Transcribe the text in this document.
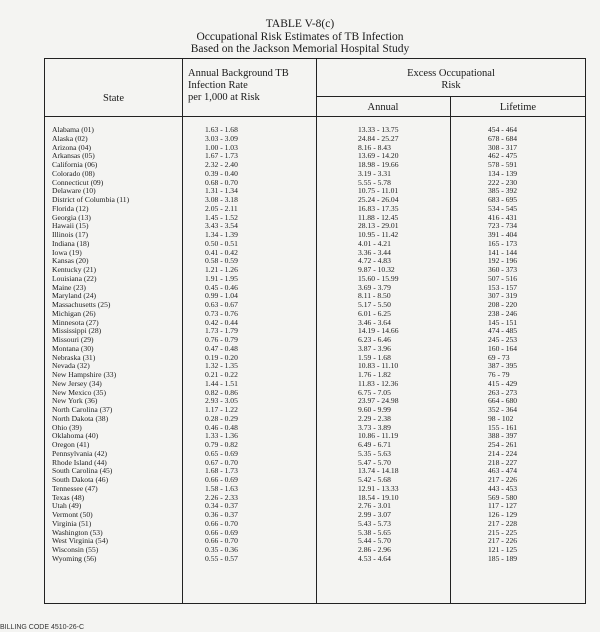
TABLE V-8(c)
Occupational Risk Estimates of TB Infection
Based on the Jackson Memorial Hospital Study
State
Annual Background TB
Infection Rate
per 1,000 at Risk
Excess Occupational
Risk
Annual	Lifetime
Alabama (01)	1.63 - 1.68	13.33 - 13.75	454 - 464
Alaska (02)	3.03 - 3.09	24.84 - 25.27	678 - 684
Arizona (04)	1.00 - 1.03	8.16 - 8.43	308 - 317
Arkansas (05)	1.67 - 1.73	13.69 - 14.20	462 - 475
California (06)	2.32 - 2.40	18.98 - 19.66	578 - 591
Colorado (08)	0.39 - 0.40	3.19 - 3.31	134 - 139
Connecticut (09)	0.68 - 0.70	5.55 - 5.78	222 - 230
Delaware (10)	1.31 - 1.34	10.75 - 11.01	385 - 392
District of Columbia (11)	3.08 - 3.18	25.24 - 26.04	683 - 695
Florida (12)	2.05 - 2.11	16.83 - 17.35	534 - 545
Georgia (13)	1.45 - 1.52	11.88 - 12.45	416 - 431
Hawaii (15)	3.43 - 3.54	28.13 - 29.01	723 - 734
Illinois (17)	1.34 - 1.39	10.95 - 11.42	391 - 404
Indiana (18)	0.50 - 0.51	4.01 - 4.21	165 - 173
Iowa (19)	0.41 - 0.42	3.36 - 3.44	141 - 144
Kansas (20)	0.58 - 0.59	4.72 - 4.83	192 - 196
Kentucky (21)	1.21 - 1.26	9.87 - 10.32	360 - 373
Louisiana (22)	1.91 - 1.95	15.60 - 15.99	507 - 516
Maine (23)	0.45 - 0.46	3.69 - 3.79	153 - 157
Maryland (24)	0.99 - 1.04	8.11 - 8.50	307 - 319
Massachusetts (25)	0.63 - 0.67	5.17 - 5.50	208 - 220
Michigan (26)	0.73 - 0.76	6.01 - 6.25	238 - 246
Minnesota (27)	0.42 - 0.44	3.46 - 3.64	145 - 151
Mississippi (28)	1.73 - 1.79	14.19 - 14.66	474 - 485
Missouri (29)	0.76 - 0.79	6.23 - 6.46	245 - 253
Montana (30)	0.47 - 0.48	3.87 - 3.96	160 - 164
Nebraska (31)	0.19 - 0.20	1.59 - 1.68	69 - 73
Nevada (32)	1.32 - 1.35	10.83 - 11.10	387 - 395
New Hampshire (33)	0.21 - 0.22	1.76 - 1.82	76 - 79
New Jersey (34)	1.44 - 1.51	11.83 - 12.36	415 - 429
New Mexico (35)	0.82 - 0.86	6.75 - 7.05	263 - 273
New York (36)	2.93 - 3.05	23.97 - 24.98	664 - 680
North Carolina (37)	1.17 - 1.22	9.60 - 9.99	352 - 364
North Dakota (38)	0.28 - 0.29	2.29 - 2.38	98 - 102
Ohio (39)	0.46 - 0.48	3.73 - 3.89	155 - 161
Oklahoma (40)	1.33 - 1.36	10.86 - 11.19	388 - 397
Oregon (41)	0.79 - 0.82	6.49 - 6.71	254 - 261
Pennsylvania (42)	0.65 - 0.69	5.35 - 5.63	214 - 224
Rhode Island (44)	0.67 - 0.70	5.47 - 5.70	218 - 227
South Carolina (45)	1.68 - 1.73	13.74 - 14.18	463 - 474
South Dakota (46)	0.66 - 0.69	5.42 - 5.68	217 - 226
Tennessee (47)	1.58 - 1.63	12.91 - 13.33	443 - 453
Texas (48)	2.26 - 2.33	18.54 - 19.10	569 - 580
Utah (49)	0.34 - 0.37	2.76 - 3.01	117 - 127
Vermont (50)	0.36 - 0.37	2.99 - 3.07	126 - 129
Virginia (51)	0.66 - 0.70	5.43 - 5.73	217 - 228
Washington (53)	0.66 - 0.69	5.38 - 5.65	215 - 225
West Virginia (54)	0.66 - 0.70	5.44 - 5.70	217 - 226
Wisconsin (55)	0.35 - 0.36	2.86 - 2.96	121 - 125
Wyoming (56)	0.55 - 0.57	4.53 - 4.64	185 - 189
BILLING CODE 4510-26-C
